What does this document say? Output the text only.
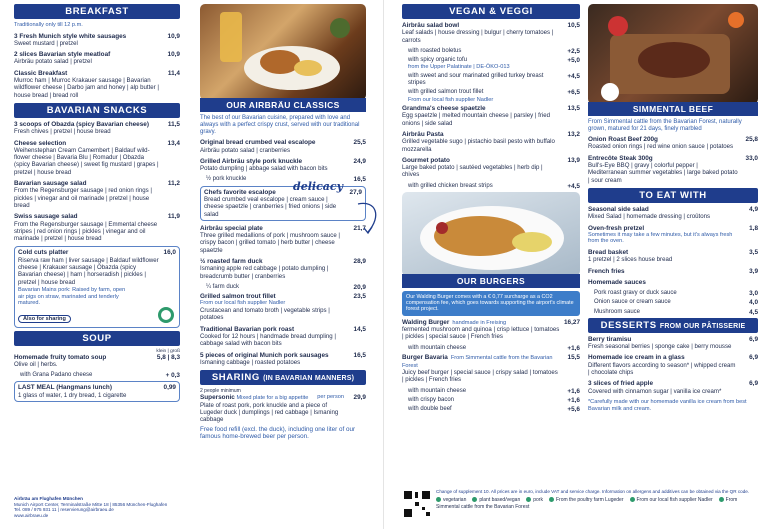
BREAKFAST
Traditionally only till 12 p.m.
3 Fresh Munich style white sausages
Sweet mustard | pretzel
10,9
2 slices Bavarian style meatloaf
Airbräu potato salad | pretzel
10,9
Classic Breakfast
Murroc ham | Murroc Krakauer sausage | Bavarian wildflower cheese | Darbo jam and honey | alp butter | house bread | bread roll
11,4
BAVARIAN SNACKS
3 scoops of Obazda (spicy Bavarian cheese)
Fresh chives | pretzel | house bread
11,5
Cheese selection
Weihenstephan Cream Camembert | Baldauf wild-flower cheese | Bavaria Blu | Romadur | Obazda (spicy Bavarian cheese) | sweet fig mustard | grapes | pretzel | house bread
13,4
Bavarian sausage salad
From the Regensburger sausage | red onion rings | pickles | vinegar and oil marinade | pretzel | house bread
11,2
Swiss sausage salad
From the Regensburger sausage | Emmental cheese stripes | red onion rings | pickles | vinegar and oil marinade | pretzel | house bread
11,9
Cold cuts platter
Riserva raw ham | liver sausage | Baldauf wildflower cheese | Krakauer sausage | Obazda (spicy Bavarian cheese) | ham | horseradish | pickles | pretzel | house bread
16,0
Bavarian Mains pork: Raised by farm, open air pigs on straw, marinated and tenderly matured.
Also for sharing
SOUP
klein | groß
Homemade fruity tomato soup
Olive oil | herbs.
5,8 | 8,3
with Grana Padano cheese	+ 0,3
LAST MEAL (Hangmans lunch)
1 glass of water, 1 dry bread, 1 cigarette
0,99
Airbräu am Flughafen München
Munich Airport Center, Terminalstraße Mitte 18 | 85356 München-Flughafen
Tel. 089 / 975 931 11 | reservierung@airbraeu.de
www.airbraeu.de
OUR AIRBRÄU CLASSICS
The best of our Bavarian cuisine, prepared with love and always with a perfect crispy crust, served with our traditional gravy.
Original bread crumbed veal escalope
Airbräu potato salad | cranberries
25,5
Grilled Airbräu style pork knuckle
Potato dumpling | abbage salad with bacon bits
24,9
½ pork knuckle	16,5
Chefs favorite escalope
Bread crumbed veal escalope | cream sauce | cheese spaetzle | cranberries | fried onions | side salad
27,9
delicacy
Airbräu special plate
Three grilled medallions of pork | mushroom sauce | crispy bacon | grilled tomato | herb butter | cheese spaetzle
21,7
½ roasted farm duck
Ismaning apple red cabbage | potato dumpling | breadcrumb butter | cranberries
28,9
¼ farm duck	20,9
Grilled salmon trout fillet
From our local fish supplier Nadler
Crustacean and tomato broth | vegetable strips | potatoes
23,5
Traditional Bavarian pork roast
Cooked for 12 hours | handmade bread dumpling | cabbage salad with bacon bits
14,5
5 pieces of original Munich pork sausages
Ismaning cabbage | roasted potatoes
16,5
SHARING (IN BAVARIAN MANNERS)
2 people minimum
Supersonic Mixed plate for a big appetite per person
Plate of roast pork, pork knuckle and a piece of Lugeder duck | dumplings | red cabbage | Ismaning cabbage
29,9
Free food refill (excl. the duck), including one liter of our famous home-brewed beer per person.
VEGAN & VEGGI
Airbräu salad bowl
Leaf salads | house dressing | bulgur | cherry tomatoes | carrots
10,5
with roasted boletus	+2,5
with spicy organic tofu
from the Upper Palatinate | DE-ÖKO-013
+5,0
with sweet and sour marinated grilled turkey breast stripes
+4,5
with grilled salmon trout fillet
From our local fish supplier Nadler
+6,5
Grandma's cheese spaetzle
Egg spaetzle | melted mountain cheese | parsley | fried onions | side salad
13,5
Airbräu Pasta
Grilled vegetable sugo | pistachio basil pesto with buffalo mozzarella
13,2
Gourmet potato
Large baked potato | sautéed vegetables | herb dip | chives
13,9
with grilled chicken breast strips	+4,5
OUR BURGERS
Our Walding Burger comes with a € 0,77 surcharge as a CO2 compensation fee, which goes towards supporting the airport's climate forest project.
Walding Burger handmade in Freising
fermented mushroom and quinoa | crisp lettuce | tomatoes | pickles | special sauce | French fries
16,27
with mountain cheese	+1,6
Burger Bavaria From Simmental cattle from the Bavarian Forest
Juicy beef burger | special sauce | crispy salad | tomatoes | pickles | French fries
15,5
with mountain cheese	+1,6
with crispy bacon	+1,6
with double beef	+5,6
Change of supplement 10. All prices are in euro, include VAT and service charge. Information on allergens and additives can be obtained via the QR code.
vegetarian	plant based/vegan	pork	From the poultry farm Lugeder	From our local fish supplier Nadler	From Simmental cattle from the Bavarian Forest
SIMMENTAL BEEF
From Simmental cattle from the Bavarian Forest, naturally grown, matured for 21 days, finely marbled
Onion Roast Beef 200g
Roasted onion rings | red wine onion sauce | potatoes
25,8
Entrecôte Steak 300g
Bull's-Eye BBQ | gravy | colorful pepper | Mediterranean summer vegetables | large baked potato | sour cream
33,0
TO EAT WITH
Seasonal side salad
Mixed Salad | homemade dressing | croûtons
4,9
Oven-fresh pretzel
Sometimes it may take a few minutes, but it's always fresh from the oven.
1,8
Bread basket
1 pretzel | 2 slices house bread
3,5
French fries	3,9
Homemade sauces
Pork roast gravy or duck sauce	3,0
Onion sauce or cream sauce	4,0
Mushroom sauce	4,5
DESSERTS FROM OUR PÂTISSERIE
Berry tiramisu
Fresh seasonal berries | sponge cake | berry mousse
6,9
Homemade ice cream in a glass
Different flavors according to season* | whipped cream | chocolate chips
6,9
3 slices of fried apple
Covered with cinnamon sugar | vanilla ice cream*
6,9
*Carefully made with our homemade vanilla ice cream from best Bavarian milk and cream.
